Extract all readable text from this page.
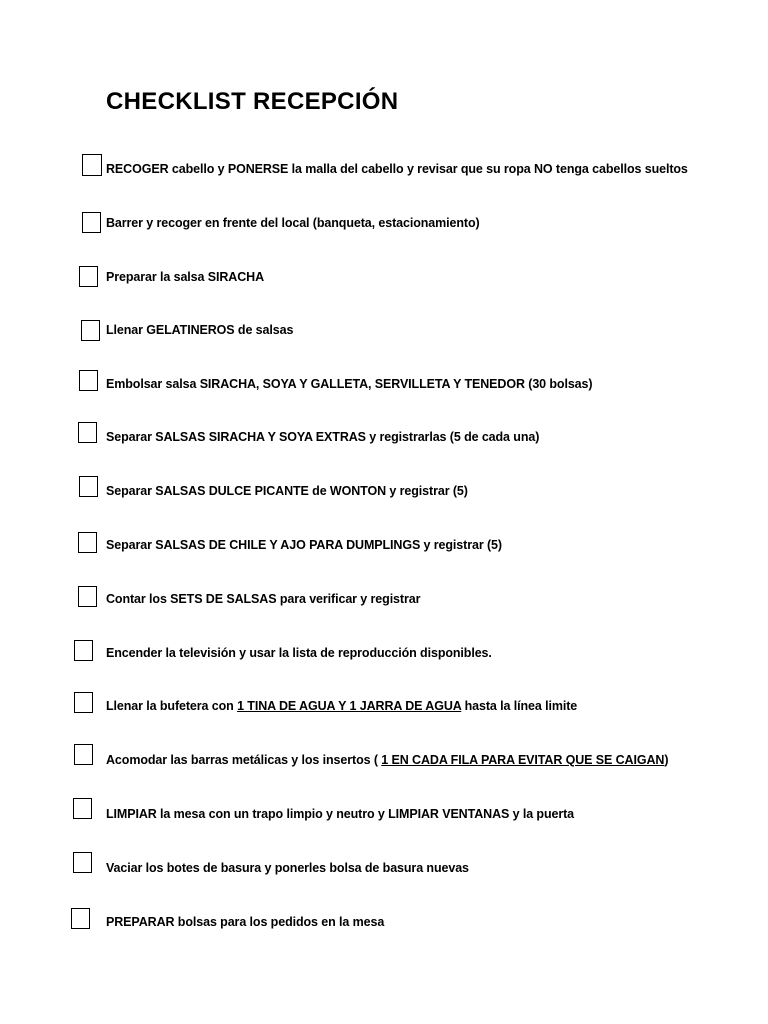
CHECKLIST RECEPCIÓN
RECOGER cabello y PONERSE la malla del cabello y revisar que su ropa NO tenga cabellos sueltos
Barrer y recoger en frente del local (banqueta, estacionamiento)
Preparar la salsa SIRACHA
Llenar GELATINEROS de salsas
Embolsar salsa SIRACHA, SOYA Y GALLETA, SERVILLETA Y TENEDOR (30 bolsas)
Separar SALSAS SIRACHA Y SOYA EXTRAS y registrarlas (5 de cada una)
Separar SALSAS DULCE PICANTE de WONTON y registrar (5)
Separar SALSAS DE CHILE Y AJO PARA DUMPLINGS y registrar (5)
Contar los SETS DE SALSAS para verificar y registrar
Encender la televisión y usar la lista de reproducción disponibles.
Llenar la bufetera con 1 TINA DE AGUA Y 1 JARRA DE AGUA hasta la línea limite
Acomodar las barras metálicas y los insertos ( 1 EN CADA FILA PARA EVITAR QUE SE CAIGAN)
LIMPIAR la mesa con un trapo limpio y neutro y LIMPIAR VENTANAS y la puerta
Vaciar los botes de basura y ponerles bolsa de basura nuevas
PREPARAR bolsas para los pedidos en la mesa
